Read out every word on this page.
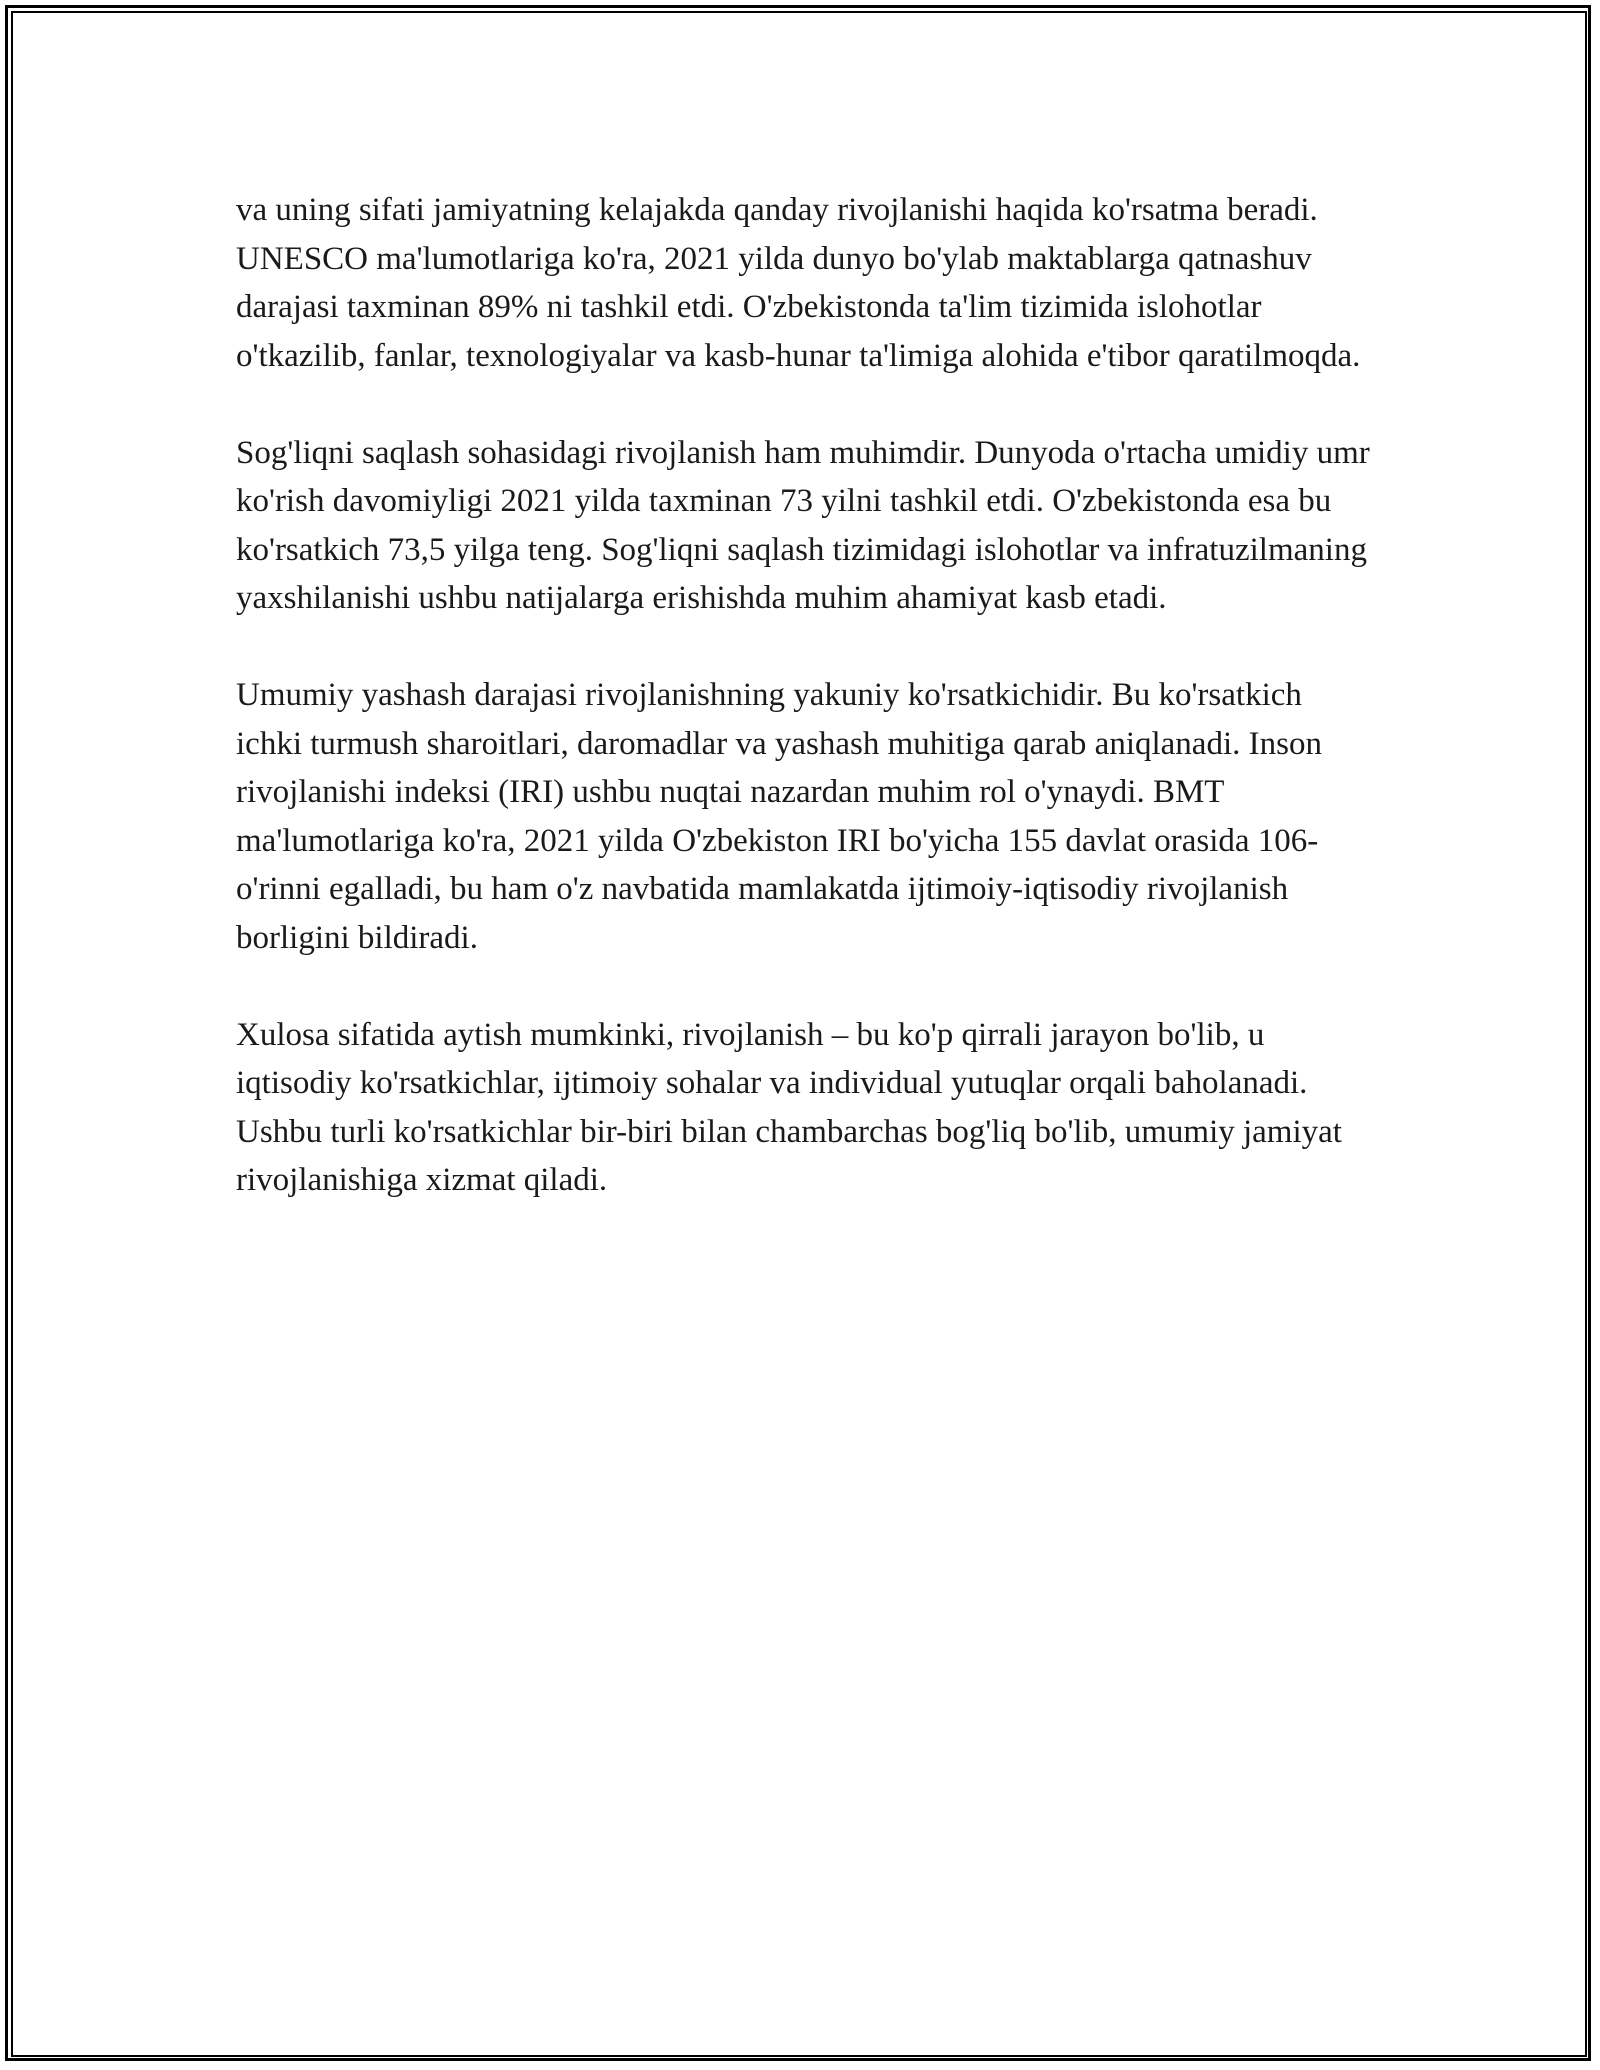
va uning sifati jamiyatning kelajakda qanday rivojlanishi haqida ko'rsatma beradi. UNESCO ma'lumotlariga ko'ra, 2021 yilda dunyo bo'ylab maktablarga qatnashuv darajasi taxminan 89% ni tashkil etdi. O'zbekistonda ta'lim tizimida islohotlar o'tkazilib, fanlar, texnologiyalar va kasb-hunar ta'limiga alohida e'tibor qaratilmoqda.

Sog'liqni saqlash sohasidagi rivojlanish ham muhimdir. Dunyoda o'rtacha umidiy umr ko'rish davomiyligi 2021 yilda taxminan 73 yilni tashkil etdi. O'zbekistonda esa bu ko'rsatkich 73,5 yilga teng. Sog'liqni saqlash tizimidagi islohotlar va infratuzilmaning yaxshilanishi ushbu natijalarga erishishda muhim ahamiyat kasb etadi.

Umumiy yashash darajasi rivojlanishning yakuniy ko'rsatkichidir. Bu ko'rsatkich ichki turmush sharoitlari, daromadlar va yashash muhitiga qarab aniqlanadi. Inson rivojlanishi indeksi (IRI) ushbu nuqtai nazardan muhim rol o'ynaydi. BMT ma'lumotlariga ko'ra, 2021 yilda O'zbekiston IRI bo'yicha 155 davlat orasida 106-o'rinni egalladi, bu ham o'z navbatida mamlakatda ijtimoiy-iqtisodiy rivojlanish borligini bildiradi.

Xulosa sifatida aytish mumkinki, rivojlanish – bu ko'p qirrali jarayon bo'lib, u iqtisodiy ko'rsatkichlar, ijtimoiy sohalar va individual yutuqlar orqali baholanadi. Ushbu turli ko'rsatkichlar bir-biri bilan chambarchas bog'liq bo'lib, umumiy jamiyat rivojlanishiga xizmat qiladi.
